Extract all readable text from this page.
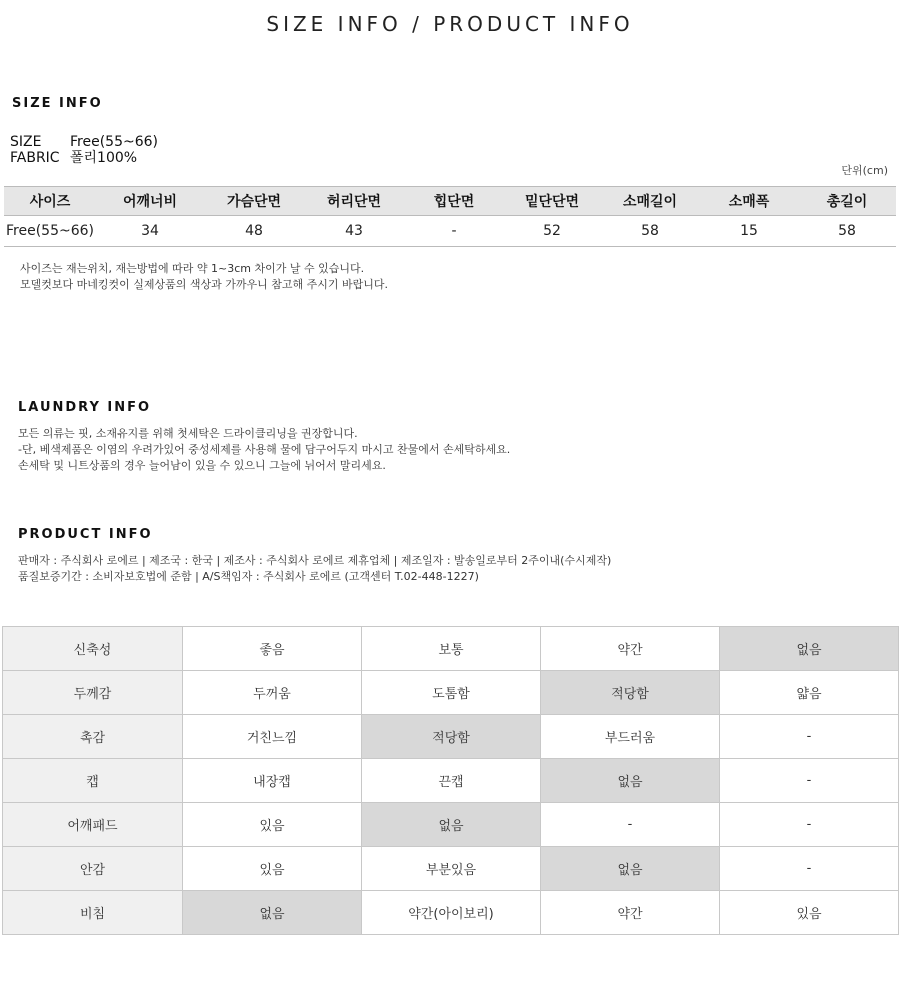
SIZE INFO / PRODUCT INFO
SIZE INFO
SIZE Free(55~66)
FABRIC 폴리100%
단위(cm)
사이즈	어깨너비	가슴단면	허리단면	힙단면	밑단단면	소매길이	소매폭	총길이
Free(55~66)	34	48	43	-	52	58	15	58
사이즈는 재는위치, 재는방법에 따라 약 1~3cm 차이가 날 수 있습니다.
모델컷보다 마네킹컷이 실제상품의 색상과 가까우니 참고해 주시기 바랍니다.
LAUNDRY INFO
모든 의류는 핏, 소재유지를 위해 첫세탁은 드라이클리닝을 권장합니다.
-단, 베색제품은 이염의 우려가있어 중성세제를 사용해 물에 담구어두지 마시고 찬물에서 손세탁하세요.
손세탁 및 니트상품의 경우 늘어남이 있을 수 있으니 그늘에 뉘어서 말리세요.
PRODUCT INFO
판매자 : 주식회사 로에르 | 제조국 : 한국 | 제조사 : 주식회사 로에르 제휴업체 | 제조일자 : 발송일로부터 2주이내(수시제작)
품질보증기간 : 소비자보호법에 준함 | A/S책임자 : 주식회사 로에르 (고객센터 T.02-448-1227)
신축성	좋음	보통	약간	없음
두께감	두꺼움	도톰함	적당함	얇음
촉감	거친느낌	적당함	부드러움	-
캡	내장캡	끈캡	없음	-
어깨패드	있음	없음	-	-
안감	있음	부분있음	없음	-
비침	없음	약간(아이보리)	약간	있음
